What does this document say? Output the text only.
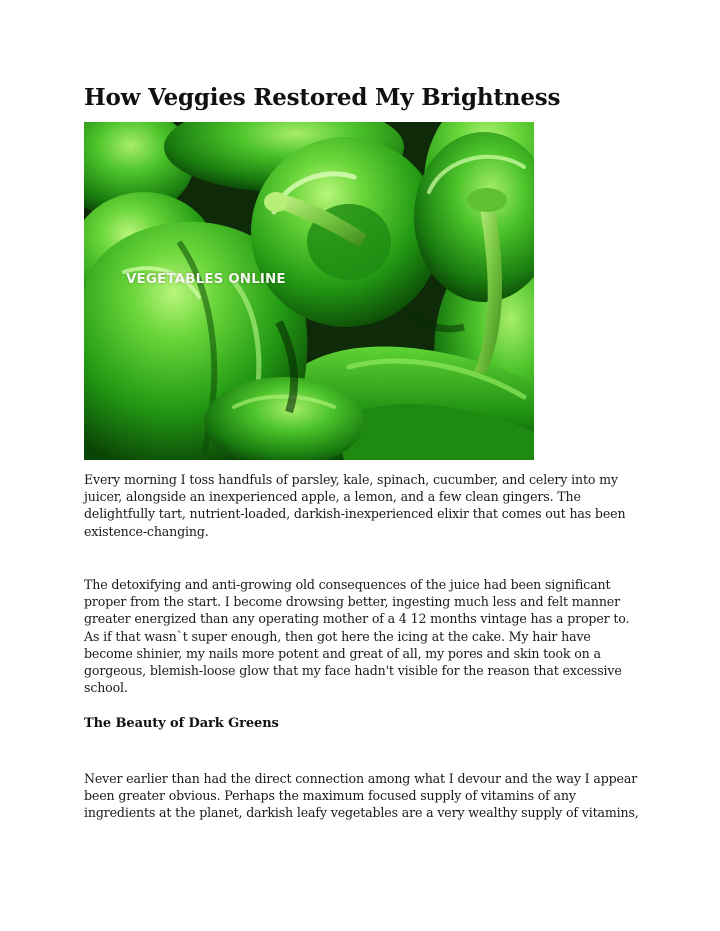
How Veggies Restored My Brightness
VEGETABLES ONLINE

Every morning I toss handfuls of parsley, kale, spinach, cucumber, and celery into my juicer, alongside an inexperienced apple, a lemon, and a few clean gingers. The delightfully tart, nutrient-loaded, darkish-inexperienced elixir that comes out has been existence-changing.

The detoxifying and anti-growing old consequences of the juice had been significant proper from the start. I become drowsing better, ingesting much less and felt manner greater energized than any operating mother of a 4 12 months vintage has a proper to. As if that wasn`t super enough, then got here the icing at the cake. My hair have become shinier, my nails more potent and great of all, my pores and skin took on a gorgeous, blemish-loose glow that my face hadn't visible for the reason that excessive school.

The Beauty of Dark Greens

Never earlier than had the direct connection among what I devour and the way I appear been greater obvious. Perhaps the maximum focused supply of vitamins of any ingredients at the planet, darkish leafy vegetables are a very wealthy supply of vitamins,
